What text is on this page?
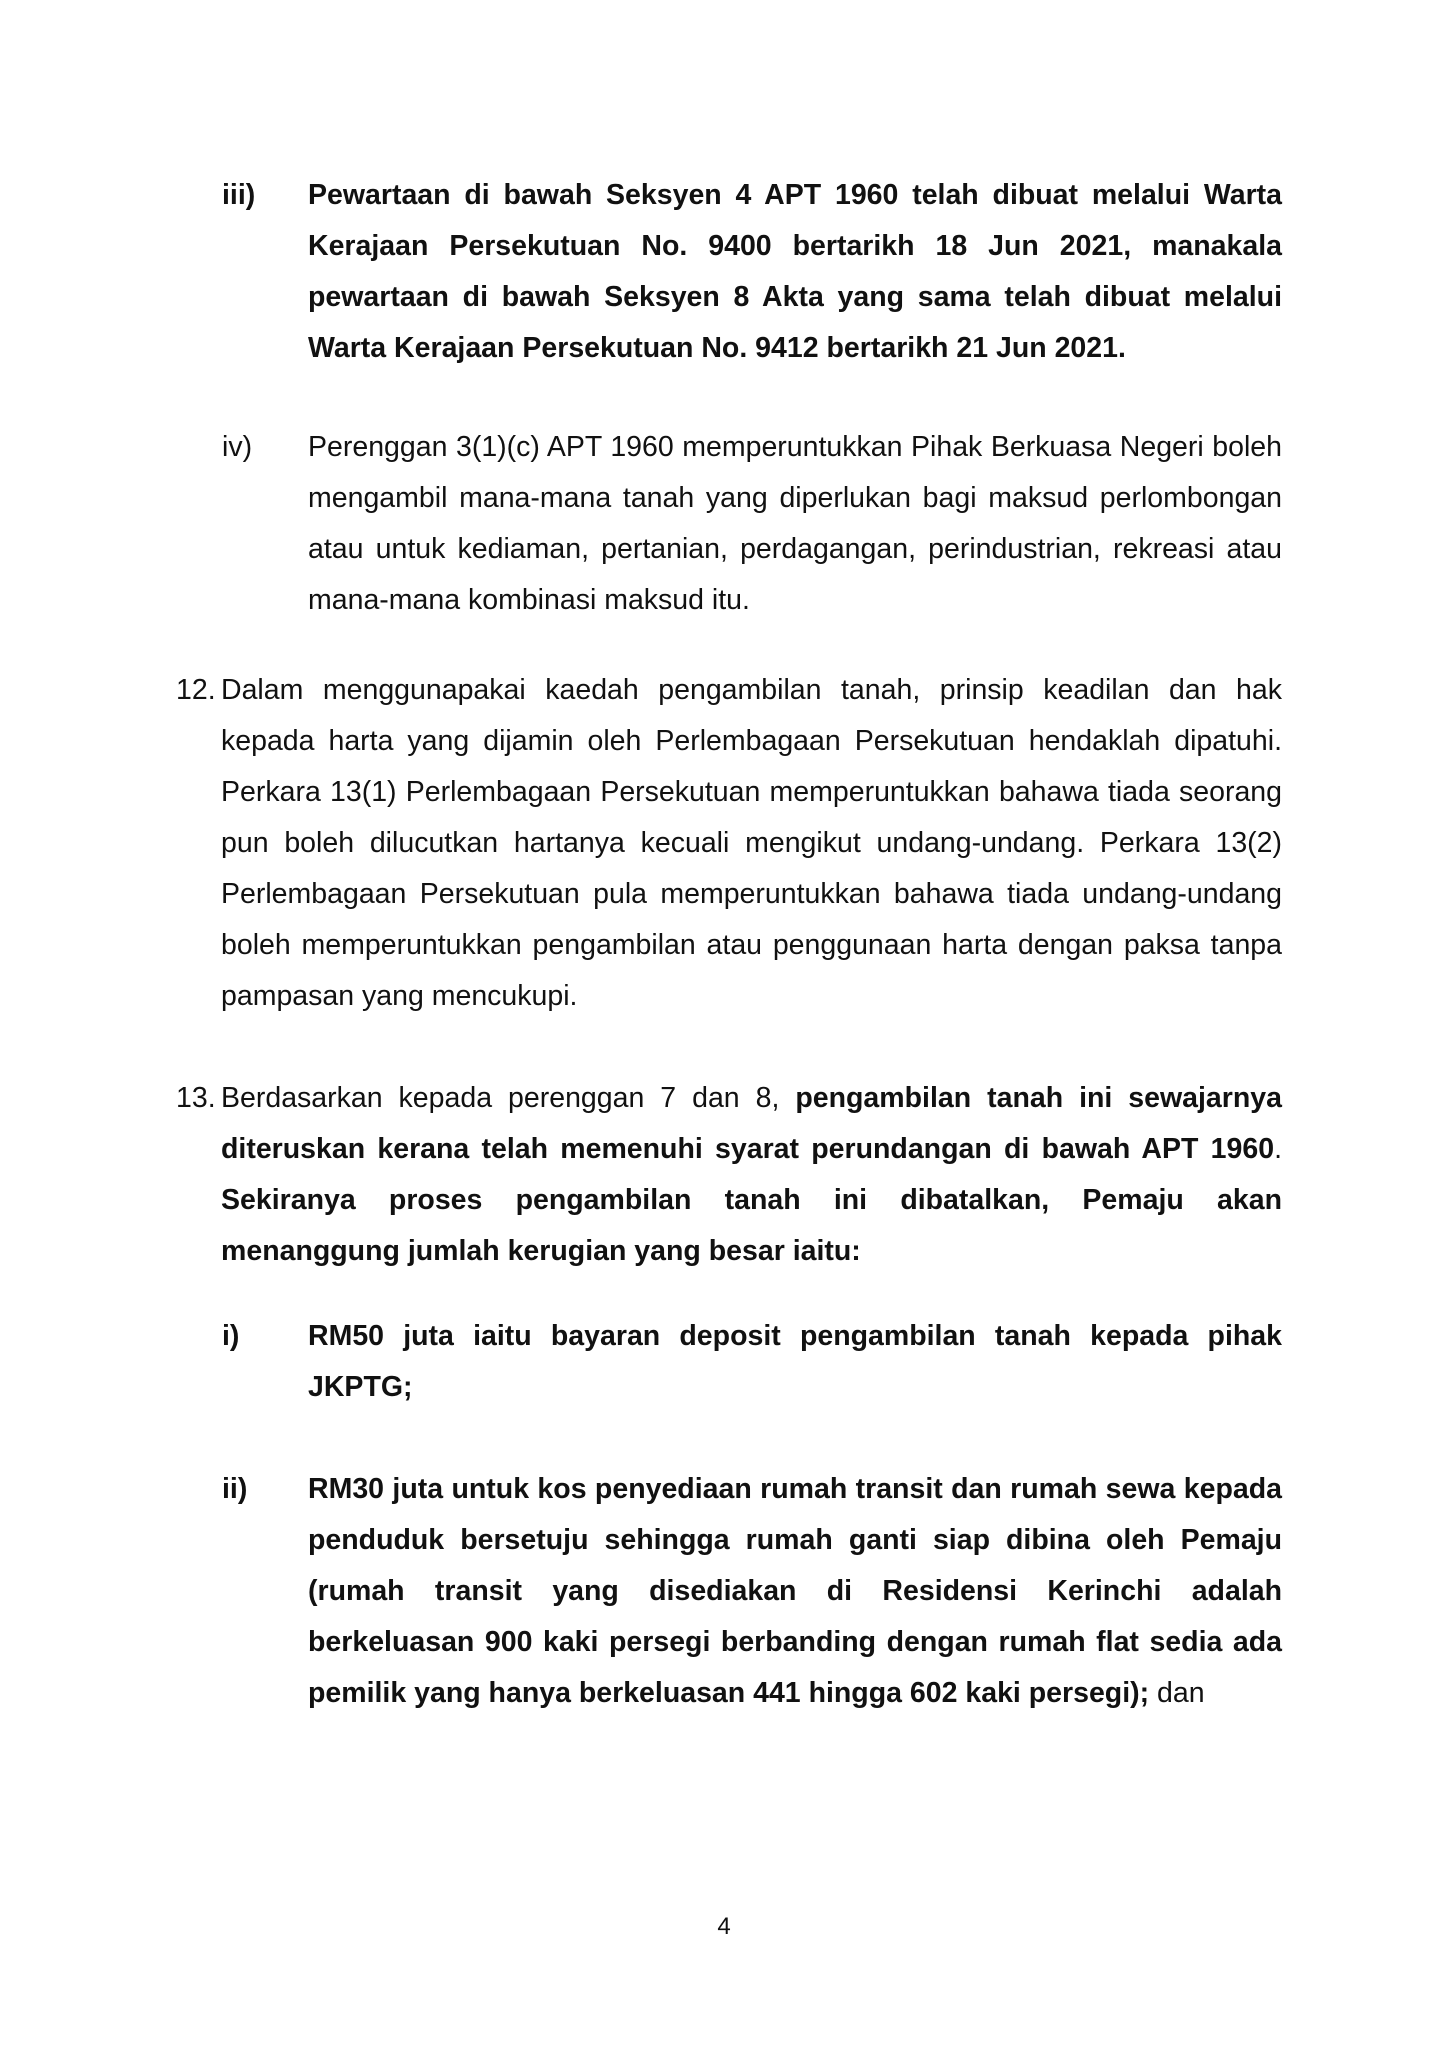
iii) Pewartaan di bawah Seksyen 4 APT 1960 telah dibuat melalui Warta Kerajaan Persekutuan No. 9400 bertarikh 18 Jun 2021, manakala pewartaan di bawah Seksyen 8 Akta yang sama telah dibuat melalui Warta Kerajaan Persekutuan No. 9412 bertarikh 21 Jun 2021.
iv) Perenggan 3(1)(c) APT 1960 memperuntukkan Pihak Berkuasa Negeri boleh mengambil mana-mana tanah yang diperlukan bagi maksud perlombongan atau untuk kediaman, pertanian, perdagangan, perindustrian, rekreasi atau mana-mana kombinasi maksud itu.
12. Dalam menggunapakai kaedah pengambilan tanah, prinsip keadilan dan hak kepada harta yang dijamin oleh Perlembagaan Persekutuan hendaklah dipatuhi. Perkara 13(1) Perlembagaan Persekutuan memperuntukkan bahawa tiada seorang pun boleh dilucutkan hartanya kecuali mengikut undang-undang. Perkara 13(2) Perlembagaan Persekutuan pula memperuntukkan bahawa tiada undang-undang boleh memperuntukkan pengambilan atau penggunaan harta dengan paksa tanpa pampasan yang mencukupi.
13. Berdasarkan kepada perenggan 7 dan 8, pengambilan tanah ini sewajarnya diteruskan kerana telah memenuhi syarat perundangan di bawah APT 1960. Sekiranya proses pengambilan tanah ini dibatalkan, Pemaju akan menanggung jumlah kerugian yang besar iaitu:
i) RM50 juta iaitu bayaran deposit pengambilan tanah kepada pihak JKPTG;
ii) RM30 juta untuk kos penyediaan rumah transit dan rumah sewa kepada penduduk bersetuju sehingga rumah ganti siap dibina oleh Pemaju (rumah transit yang disediakan di Residensi Kerinchi adalah berkeluasan 900 kaki persegi berbanding dengan rumah flat sedia ada pemilik yang hanya berkeluasan 441 hingga 602 kaki persegi); dan
4
